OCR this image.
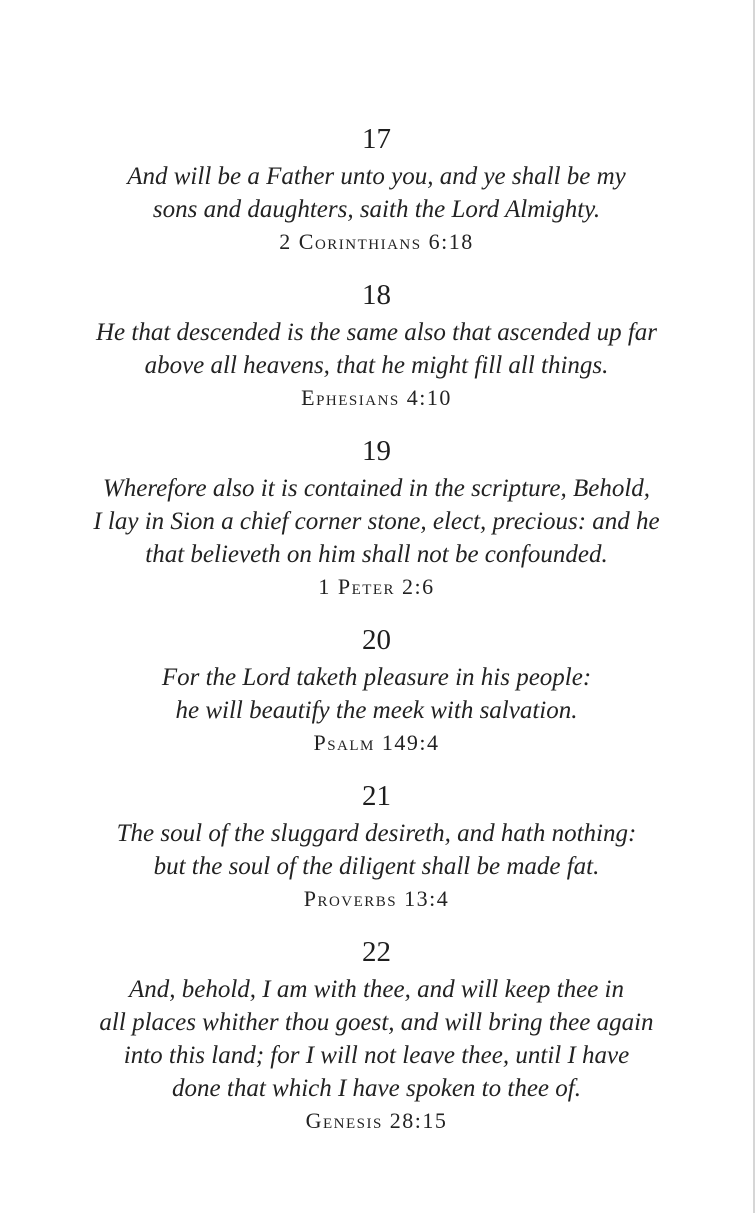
17
And will be a Father unto you, and ye shall be my
sons and daughters, saith the Lord Almighty.
2 Corinthians 6:18
18
He that descended is the same also that ascended up far
above all heavens, that he might fill all things.
Ephesians 4:10
19
Wherefore also it is contained in the scripture, Behold,
I lay in Sion a chief corner stone, elect, precious: and he
that believeth on him shall not be confounded.
1 Peter 2:6
20
For the Lord taketh pleasure in his people:
he will beautify the meek with salvation.
Psalm 149:4
21
The soul of the sluggard desireth, and hath nothing:
but the soul of the diligent shall be made fat.
Proverbs 13:4
22
And, behold, I am with thee, and will keep thee in
all places whither thou goest, and will bring thee again
into this land; for I will not leave thee, until I have
done that which I have spoken to thee of.
Genesis 28:15
